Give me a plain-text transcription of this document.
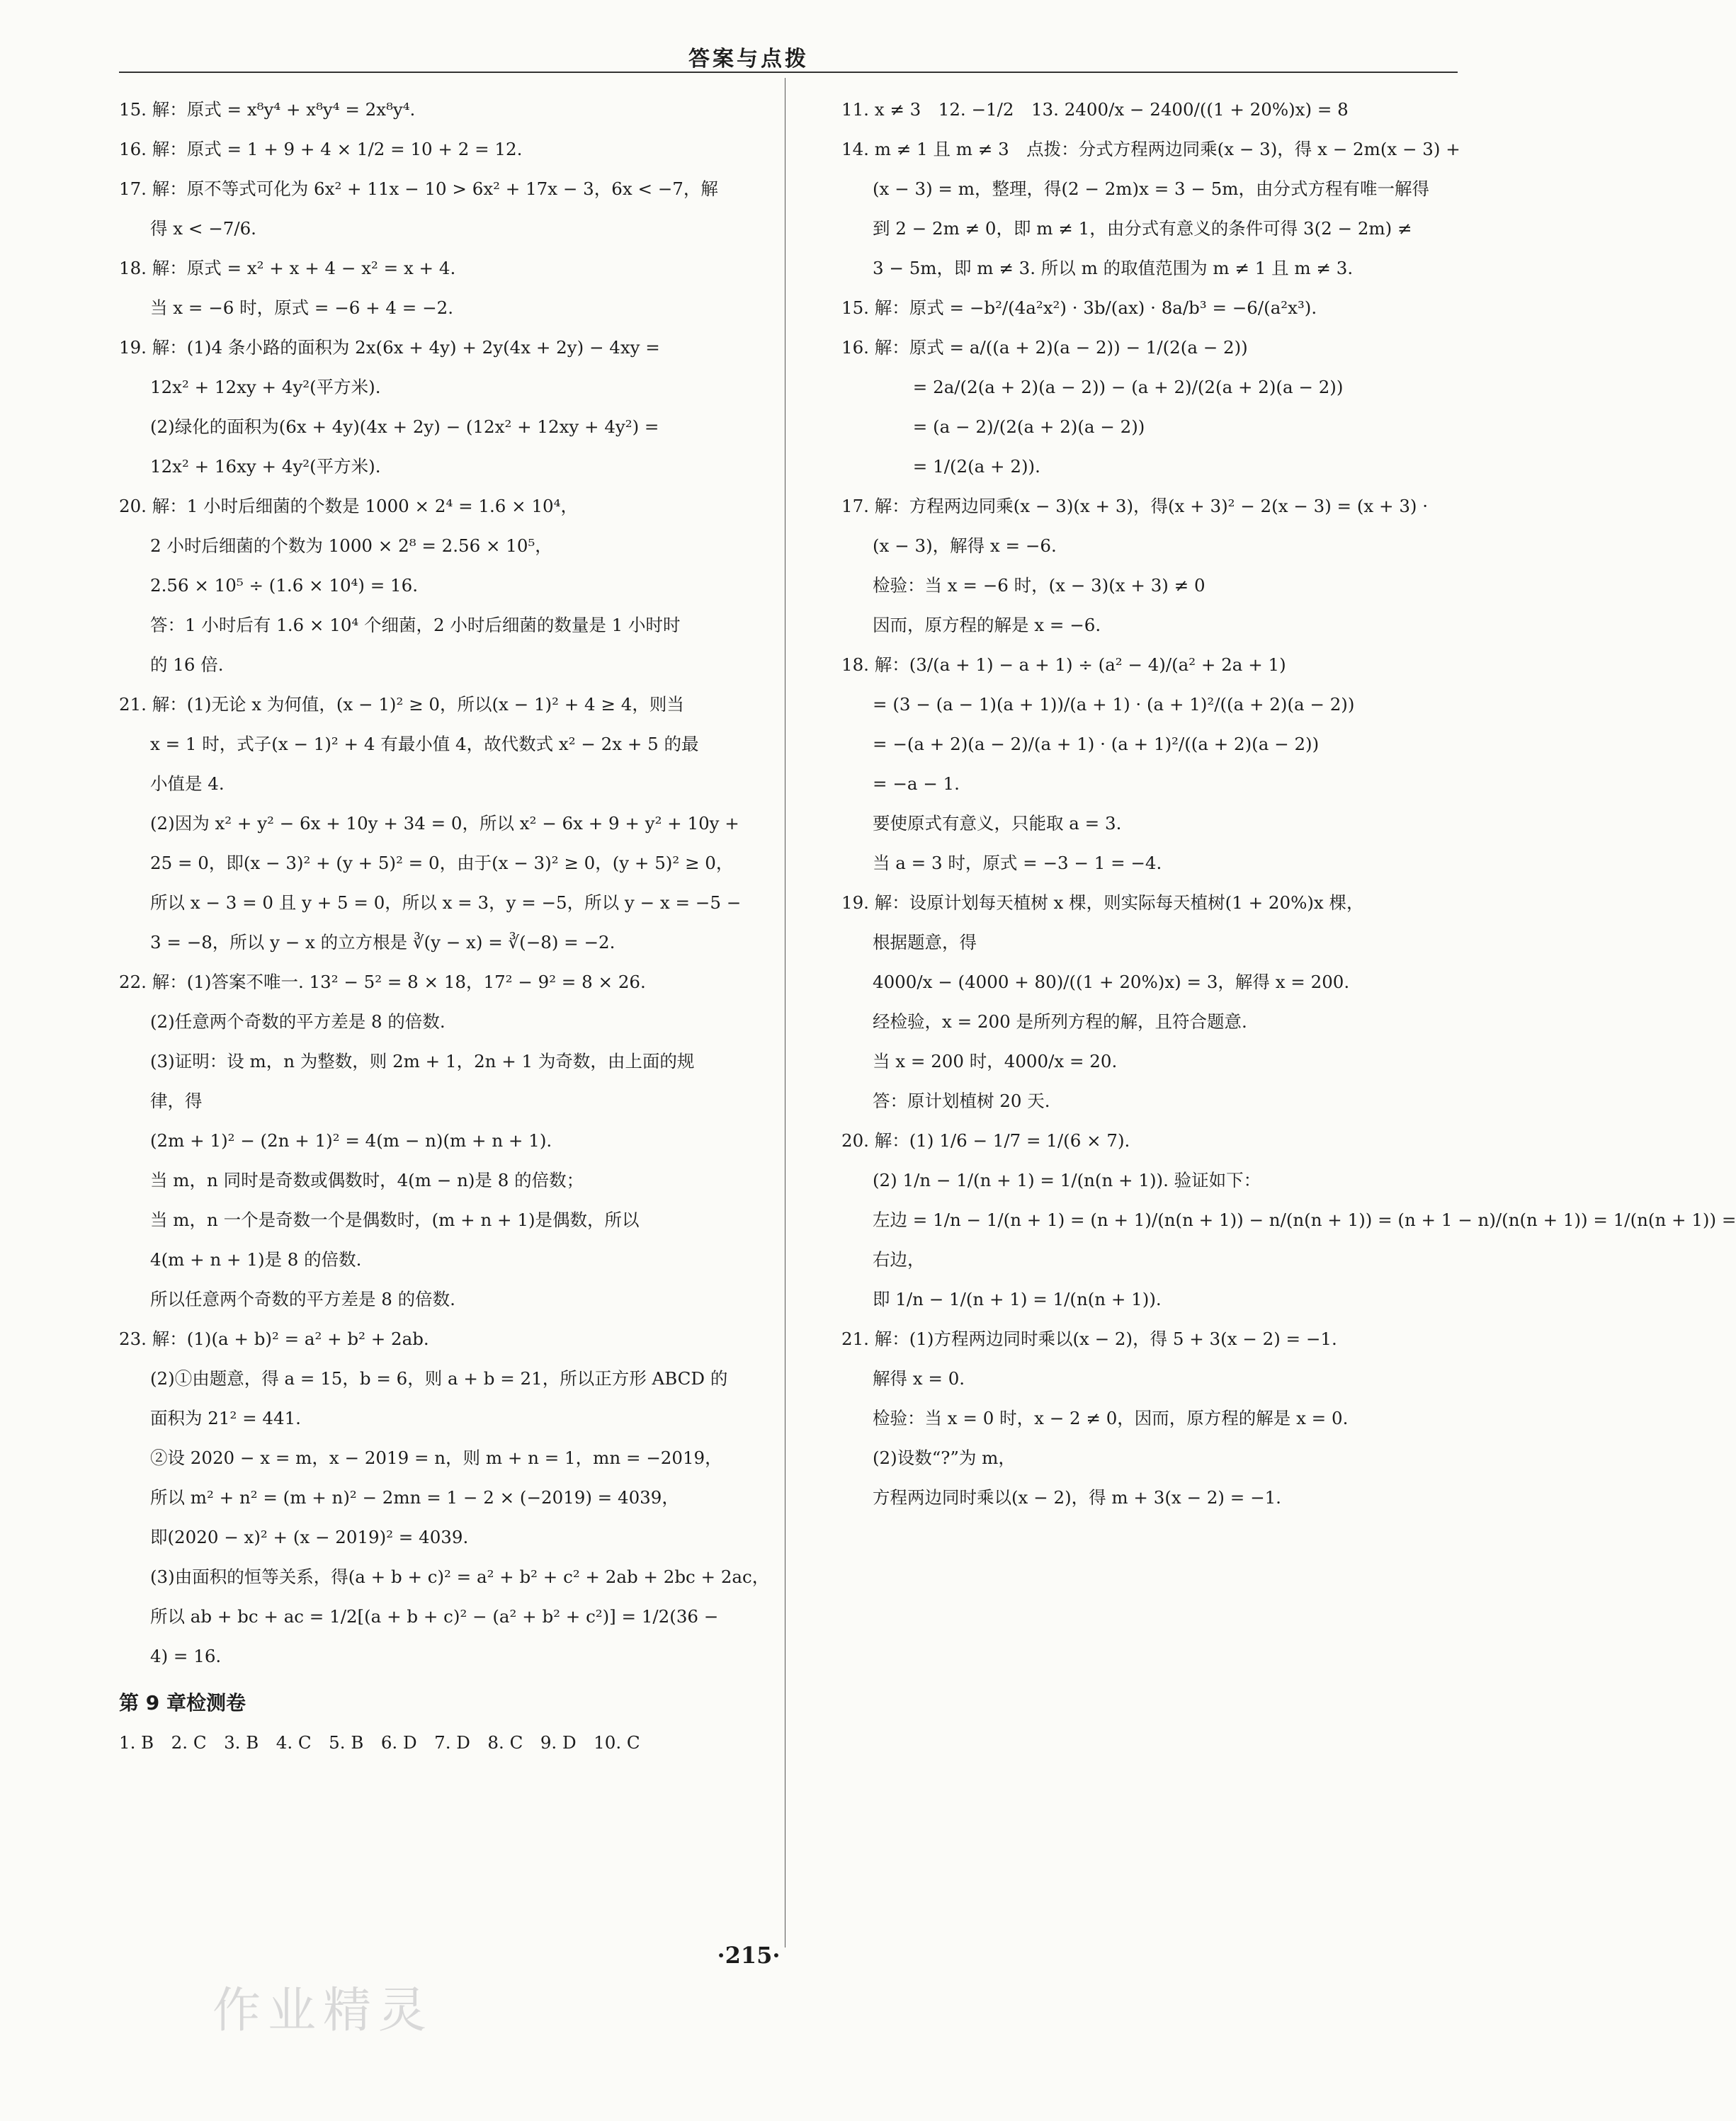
答案与点拨
15. 解：原式 = x⁸y⁴ + x⁸y⁴ = 2x⁸y⁴.
16. 解：原式 = 1 + 9 + 4 × 1/2 = 10 + 2 = 12.
17. 解：原不等式可化为 6x² + 11x − 10 > 6x² + 17x − 3，6x < −7，解
得 x < −7/6.
18. 解：原式 = x² + x + 4 − x² = x + 4.
当 x = −6 时，原式 = −6 + 4 = −2.
19. 解：(1)4 条小路的面积为 2x(6x + 4y) + 2y(4x + 2y) − 4xy =
12x² + 12xy + 4y²(平方米).
(2)绿化的面积为(6x + 4y)(4x + 2y) − (12x² + 12xy + 4y²) =
12x² + 16xy + 4y²(平方米).
20. 解：1 小时后细菌的个数是 1000 × 2⁴ = 1.6 × 10⁴，
2 小时后细菌的个数为 1000 × 2⁸ = 2.56 × 10⁵，
2.56 × 10⁵ ÷ (1.6 × 10⁴) = 16.
答：1 小时后有 1.6 × 10⁴ 个细菌，2 小时后细菌的数量是 1 小时时
的 16 倍.
21. 解：(1)无论 x 为何值，(x − 1)² ≥ 0，所以(x − 1)² + 4 ≥ 4，则当
x = 1 时，式子(x − 1)² + 4 有最小值 4，故代数式 x² − 2x + 5 的最
小值是 4.
(2)因为 x² + y² − 6x + 10y + 34 = 0，所以 x² − 6x + 9 + y² + 10y +
25 = 0，即(x − 3)² + (y + 5)² = 0，由于(x − 3)² ≥ 0，(y + 5)² ≥ 0，
所以 x − 3 = 0 且 y + 5 = 0，所以 x = 3，y = −5，所以 y − x = −5 −
3 = −8，所以 y − x 的立方根是 ∛(y − x) = ∛(−8) = −2.
22. 解：(1)答案不唯一. 13² − 5² = 8 × 18，17² − 9² = 8 × 26.
(2)任意两个奇数的平方差是 8 的倍数.
(3)证明：设 m，n 为整数，则 2m + 1，2n + 1 为奇数，由上面的规
律，得
(2m + 1)² − (2n + 1)² = 4(m − n)(m + n + 1).
当 m，n 同时是奇数或偶数时，4(m − n)是 8 的倍数；
当 m，n 一个是奇数一个是偶数时，(m + n + 1)是偶数，所以
4(m + n + 1)是 8 的倍数.
所以任意两个奇数的平方差是 8 的倍数.
23. 解：(1)(a + b)² = a² + b² + 2ab.
(2)①由题意，得 a = 15，b = 6，则 a + b = 21，所以正方形 ABCD 的
面积为 21² = 441.
②设 2020 − x = m，x − 2019 = n，则 m + n = 1，mn = −2019，
所以 m² + n² = (m + n)² − 2mn = 1 − 2 × (−2019) = 4039，
即(2020 − x)² + (x − 2019)² = 4039.
(3)由面积的恒等关系，得(a + b + c)² = a² + b² + c² + 2ab + 2bc + 2ac，
所以 ab + bc + ac = 1/2[(a + b + c)² − (a² + b² + c²)] = 1/2(36 −
4) = 16.
第 9 章检测卷
1. B　2. C　3. B　4. C　5. B　6. D　7. D　8. C　9. D　10. C
11. x ≠ 3　12. −1/2　13. 2400/x − 2400/((1 + 20%)x) = 8
14. m ≠ 1 且 m ≠ 3　点拨：分式方程两边同乘(x − 3)，得 x − 2m(x − 3) +
(x − 3) = m，整理，得(2 − 2m)x = 3 − 5m，由分式方程有唯一解得
到 2 − 2m ≠ 0，即 m ≠ 1，由分式有意义的条件可得 3(2 − 2m) ≠
3 − 5m，即 m ≠ 3. 所以 m 的取值范围为 m ≠ 1 且 m ≠ 3.
15. 解：原式 = −b²/(4a²x²) · 3b/(ax) · 8a/b³ = −6/(a²x³).
16. 解：原式 = a/((a + 2)(a − 2)) − 1/(2(a − 2))
　　 = 2a/(2(a + 2)(a − 2)) − (a + 2)/(2(a + 2)(a − 2))
　　 = (a − 2)/(2(a + 2)(a − 2))
　　 = 1/(2(a + 2)).
17. 解：方程两边同乘(x − 3)(x + 3)，得(x + 3)² − 2(x − 3) = (x + 3) ·
(x − 3)，解得 x = −6.
检验：当 x = −6 时，(x − 3)(x + 3) ≠ 0
因而，原方程的解是 x = −6.
18. 解：(3/(a + 1) − a + 1) ÷ (a² − 4)/(a² + 2a + 1)
= (3 − (a − 1)(a + 1))/(a + 1) · (a + 1)²/((a + 2)(a − 2))
= −(a + 2)(a − 2)/(a + 1) · (a + 1)²/((a + 2)(a − 2))
= −a − 1.
要使原式有意义，只能取 a = 3.
当 a = 3 时，原式 = −3 − 1 = −4.
19. 解：设原计划每天植树 x 棵，则实际每天植树(1 + 20%)x 棵，
根据题意，得
4000/x − (4000 + 80)/((1 + 20%)x) = 3，解得 x = 200.
经检验，x = 200 是所列方程的解，且符合题意.
当 x = 200 时，4000/x = 20.
答：原计划植树 20 天.
20. 解：(1) 1/6 − 1/7 = 1/(6 × 7).
(2) 1/n − 1/(n + 1) = 1/(n(n + 1)). 验证如下：
左边 = 1/n − 1/(n + 1) = (n + 1)/(n(n + 1)) − n/(n(n + 1)) = (n + 1 − n)/(n(n + 1)) = 1/(n(n + 1)) =
右边，
即 1/n − 1/(n + 1) = 1/(n(n + 1)).
21. 解：(1)方程两边同时乘以(x − 2)，得 5 + 3(x − 2) = −1.
解得 x = 0.
检验：当 x = 0 时，x − 2 ≠ 0，因而，原方程的解是 x = 0.
(2)设数“?”为 m，
方程两边同时乘以(x − 2)，得 m + 3(x − 2) = −1.
·215·
作业精灵
